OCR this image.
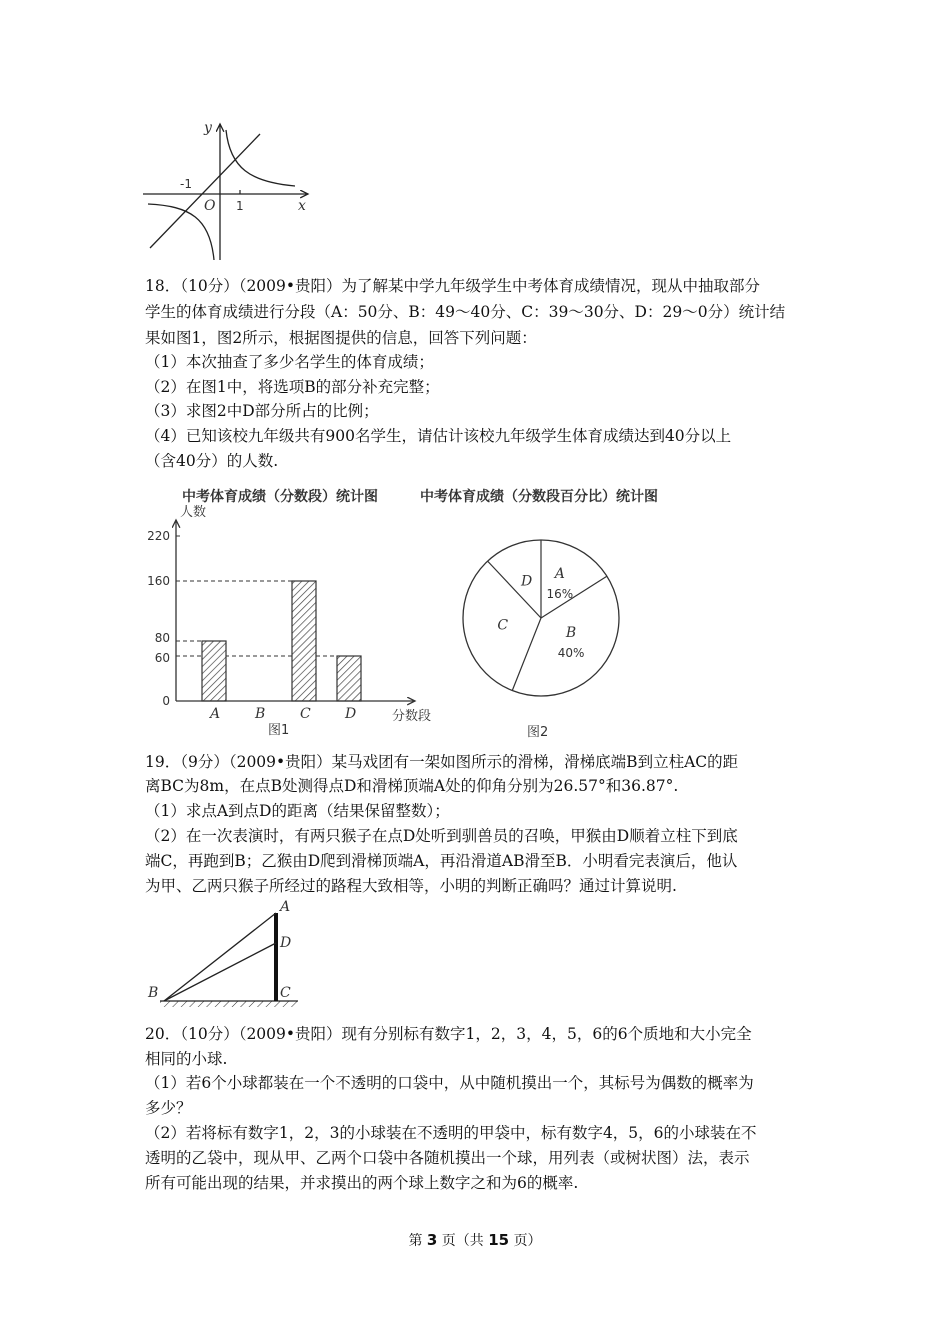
y
x
-1
O 1
18．（10分）（2009•贵阳）为了解某中学九年级学生中考体育成绩情况，现从中抽取部分
学生的体育成绩进行分段（A：50分、B：49～40分、C：39～30分、D：29～0分）统计结
果如图1，图2所示，根据图提供的信息，回答下列问题：
（1）本次抽查了多少名学生的体育成绩；
（2）在图1中，将选项B的部分补充完整；
（3）求图2中D部分所占的比例；
（4）已知该校九年级共有900名学生，请估计该校九年级学生体育成绩达到40分以上
（含40分）的人数.
中考体育成绩（分数段）统计图	中考体育成绩（分数段百分比）统计图
人数
0
60
80
160
220
A B C D	分数段
图1
A
16%
B
40%
C
D
图2
19．（9分）（2009•贵阳）某马戏团有一架如图所示的滑梯，滑梯底端B到立柱AC的距
离BC为8m，在点B处测得点D和滑梯顶端A处的仰角分别为26.57°和36.87°.
（1）求点A到点D的距离（结果保留整数）；
（2）在一次表演时，有两只猴子在点D处听到驯兽员的召唤，甲猴由D顺着立柱下到底
端C，再跑到B；乙猴由D爬到滑梯顶端A，再沿滑道AB滑至B．小明看完表演后，他认
为甲、乙两只猴子所经过的路程大致相等，小明的判断正确吗？通过计算说明.
A
D
C
B
20．（10分）（2009•贵阳）现有分别标有数字1，2，3，4，5，6的6个质地和大小完全
相同的小球.
（1）若6个小球都装在一个不透明的口袋中，从中随机摸出一个，其标号为偶数的概率为
多少？
（2）若将标有数字1，2，3的小球装在不透明的甲袋中，标有数字4，5，6的小球装在不
透明的乙袋中，现从甲、乙两个口袋中各随机摸出一个球，用列表（或树状图）法，表示
所有可能出现的结果，并求摸出的两个球上数字之和为6的概率.
第 3 页（共 15 页）
